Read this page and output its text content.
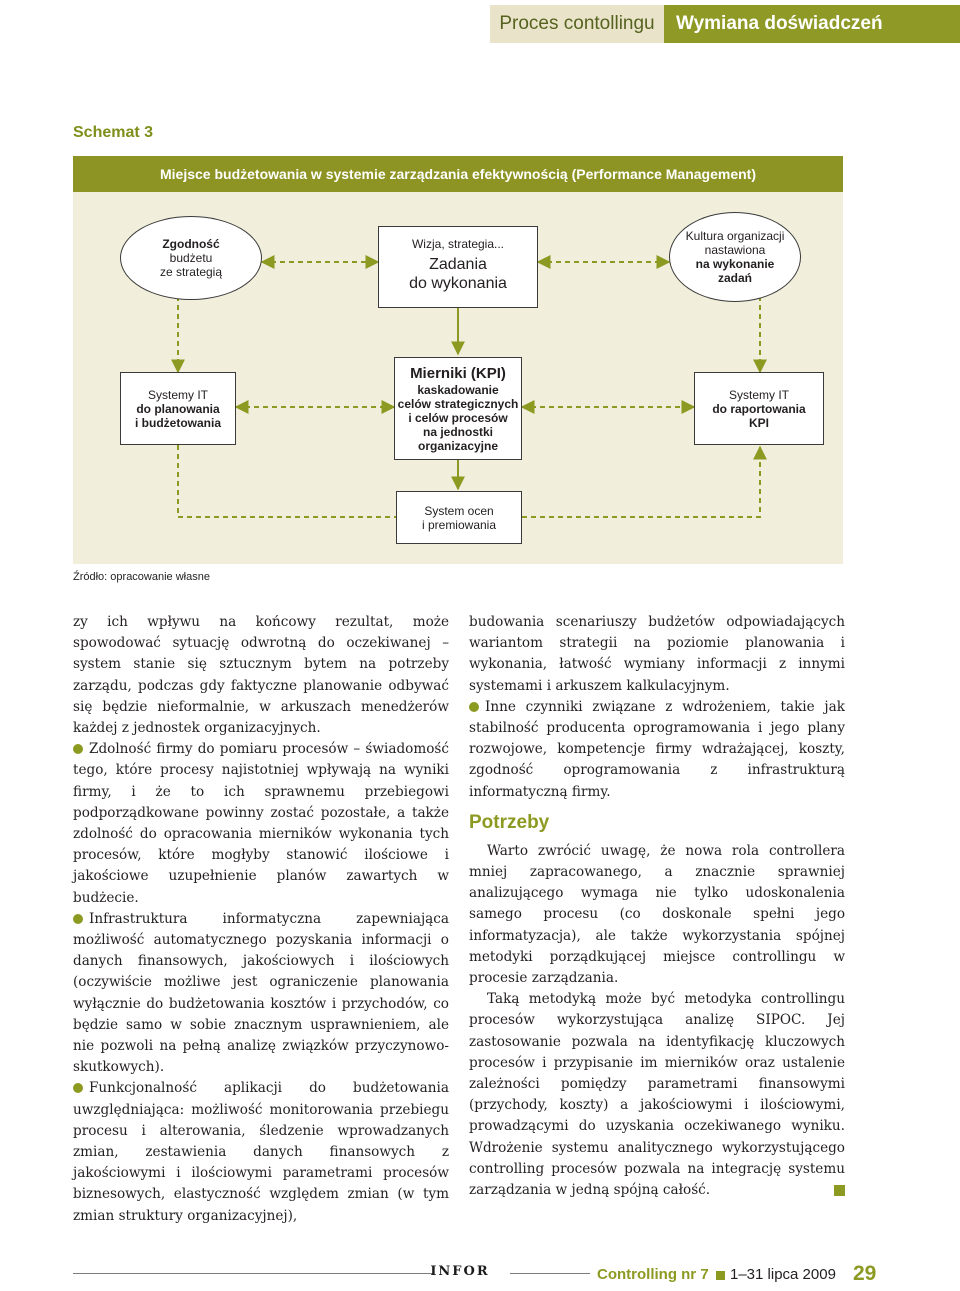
Proces contollingu	Wymiana doświadczeń
Schemat 3
Miejsce budżetowania w systemie zarządzania efektywnością (Performance Management)
Zgodność
budżetu
ze strategią
Wizja, strategia...
Zadania
do wykonania
Kultura organizacji
nastawiona
na wykonanie
zadań
Systemy IT
do planowania
i budżetowania
Mierniki (KPI)
kaskadowanie
celów strategicznych
i celów procesów
na jednostki organizacyjne
Systemy IT
do raportowania
KPI
System ocen
i premiowania
Źródło: opracowanie własne

zy ich wpływu na końcowy rezultat, może spowodować sytuację odwrotną do oczekiwanej – system stanie się sztucznym bytem na potrzeby zarządu, podczas gdy faktyczne planowanie odbywać się będzie nieformalnie, w arkuszach menedżerów każdej z jednostek organizacyjnych.

Zdolność firmy do pomiaru procesów – świadomość tego, które procesy najistotniej wpływają na wyniki firmy, i że to ich sprawnemu przebiegowi podporządkowane powinny zostać pozostałe, a także zdolność do opracowania mierników wykonania tych procesów, które mogłyby stanowić ilościowe i jakościowe uzupełnienie planów zawartych w budżecie.

Infrastruktura informatyczna zapewniająca możliwość automatycznego pozyskania informacji o danych finansowych, jakościowych i ilościowych (oczywiście możliwe jest ograniczenie planowania wyłącznie do budżetowania kosztów i przychodów, co będzie samo w sobie znacznym usprawnieniem, ale nie pozwoli na pełną analizę związków przyczynowo-skutkowych).

Funkcjonalność aplikacji do budżetowania uwzględniająca: możliwość monitorowania przebiegu procesu i alterowania, śledzenie wprowadzanych zmian, zestawienia danych finansowych z jakościowymi i ilościowymi parametrami procesów biznesowych, elastyczność względem zmian (w tym zmian struktury organizacyjnej),

budowania scenariuszy budżetów odpowiadających wariantom strategii na poziomie planowania i wykonania, łatwość wymiany informacji z innymi systemami i arkuszem kalkulacyjnym.

Inne czynniki związane z wdrożeniem, takie jak stabilność producenta oprogramowania i jego plany rozwojowe, kompetencje firmy wdrażającej, koszty, zgodność oprogramowania z infrastrukturą informatyczną firmy.

Potrzeby

Warto zwrócić uwagę, że nowa rola controllera mniej zapracowanego, a znacznie sprawniej analizującego wymaga nie tylko udoskonalenia samego procesu (co doskonale spełni jego informatyzacja), ale także wykorzystania spójnej metodyki porządkującej miejsce controllingu w procesie zarządzania.

Taką metodyką może być metodyka controllingu procesów wykorzystująca analizę SIPOC. Jej zastosowanie pozwala na identyfikację kluczowych procesów i przypisanie im mierników oraz ustalenie zależności pomiędzy parametrami finansowymi (przychody, koszty) a jakościowymi i ilościowymi, prowadzącymi do uzyskania oczekiwanego wyniku. Wdrożenie systemu analitycznego wykorzystującego controlling procesów pozwala na integrację systemu zarządzania w jedną spójną całość.

INFOR	Controlling nr 7 1–31 lipca 2009 29
